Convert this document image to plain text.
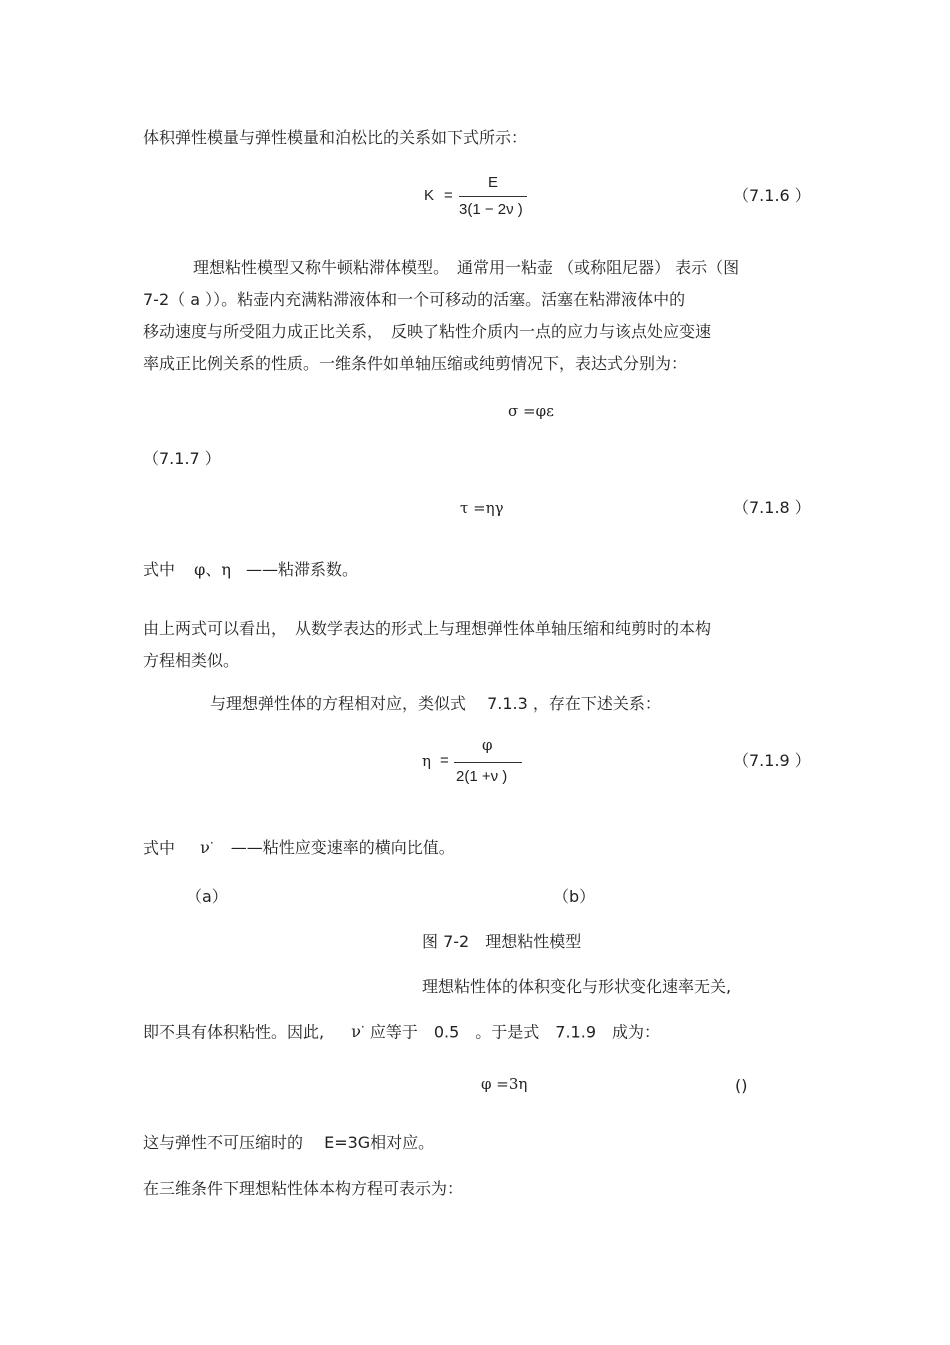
体积弹性模量与弹性模量和泊松比的关系如下式所示：
K =
E
3(1 − 2ν )
（7.1.6 ）
理想粘性模型又称牛顿粘滞体模型。　通常用一粘壶 （或称阻尼器） 表示（图
7-2（ a ））。粘壶内充满粘滞液体和一个可移动的活塞。活塞在粘滞液体中的
移动速度与所受阻力成正比关系，　反映了粘性介质内一点的应力与该点处应变速
率成正比例关系的性质。一维条件如单轴压缩或纯剪情况下，表达式分别为：
σ =φε
（7.1.7 ）
τ =ηγ	（7.1.8 ）
式中 φ、η ——粘滞系数。
由上两式可以看出，　从数学表达的形式上与理想弹性体单轴压缩和纯剪时的本构
方程相类似。
与理想弹性体的方程相对应，类似式　 7.1.3 ，存在下述关系：
η =
φ
2(1 +ν )
（7.1.9 ）
式中 ν· ——粘性应变速率的横向比值。
（a）	（b）
图 7-2　理想粘性模型
理想粘性体的体积变化与形状变化速率无关,
即不具有体积粘性。因此, ν· 应等于　0.5　。于是式　7.1.9　成为：
φ =3η	()
这与弹性不可压缩时的　 E=3G相对应。
在三维条件下理想粘性体本构方程可表示为：
